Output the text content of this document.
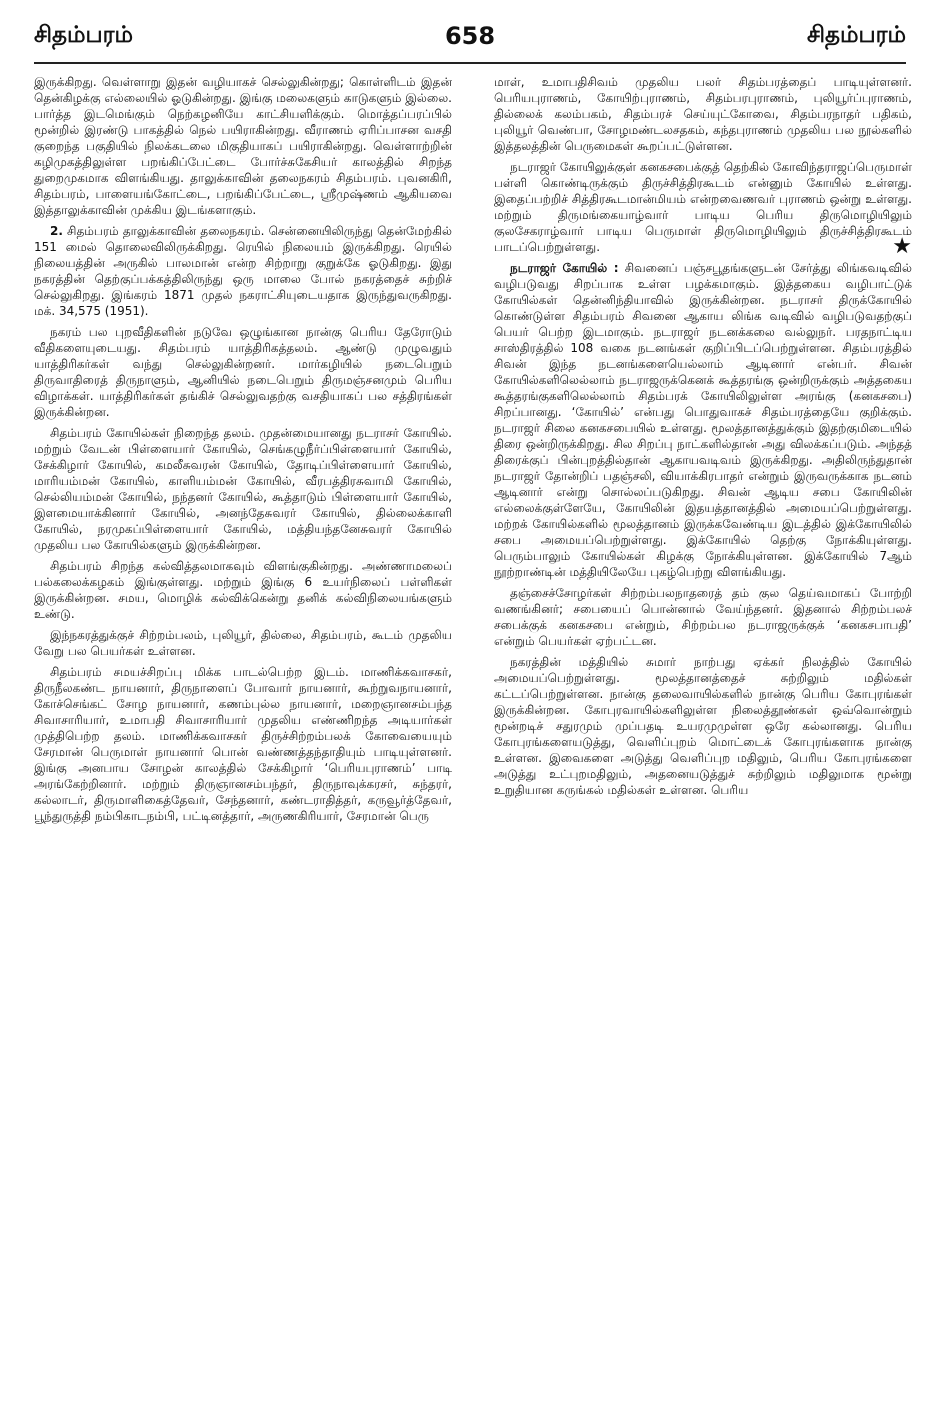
சிதம்பரம்	658	சிதம்பரம்

இருக்கிறது. வெள்ளாறு இதன் வழியாகச் செல்லுகின்றது; கொள்ளிடம் இதன் தென்கிழக்கு எல்லையில் ஓடுகின்றது. இங்கு மலைகளும் காடுகளும் இல்லை. பார்த்த இடமெங்கும் நெற்கழனியே காட்சியளிக்கும். மொத்தப்பரப்பில் மூன்றில் இரண்டு பாகத்தில் நெல் பயிராகின்றது. வீராணம் ஏரிப்பாசன வசதி குறைந்த பகுதியில் நிலக்கடலை மிகுதியாகப் பயிராகின்றது. வெள்ளாற்றின் கழிமுகத்திலுள்ள பறங்கிப்பேட்டை போர்ச்சுகேசியர் காலத்தில் சிறந்த துறைமுகமாக விளங்கியது. தாலுக்காவின் தலைநகரம் சிதம்பரம். புவனகிரி, சிதம்பரம், பாளையங்கோட்டை, பறங்கிப்பேட்டை, ஸ்ரீமுஷ்ணம் ஆகியவை இத்தாலுக்காவின் முக்கிய இடங்களாகும்.

2. சிதம்பரம் தாலுக்காவின் தலைநகரம். சென்னையிலிருந்து தென்மேற்கில் 151 மைல் தொலைவிலிருக்கிறது. ரெயில் நிலையம் இருக்கிறது. ரெயில் நிலையத்தின் அருகில் பாலமான் என்ற சிற்றாறு குறுக்கே ஓடுகிறது. இது நகரத்தின் தெற்குப்பக்கத்திலிருந்து ஒரு மாலை போல் நகரத்தைச் சுற்றிச் செல்லுகிறது. இங்கரம் 1871 முதல் நகராட்சியுடையதாக இருந்துவருகிறது. மக். 34,575 (1951).

நகரம் பல புறவீதிகளின் நடுவே ஒழுங்கான நான்கு பெரிய தேரோடும் வீதிகளையுடையது. சிதம்பரம் யாத்திரிகத்தலம். ஆண்டு முழுவதும் யாத்திரிகர்கள் வந்து செல்லுகின்றனர். மார்கழியில் நடைபெறும் திருவாதிரைத் திருநாளும், ஆனியில் நடைபெறும் திருமஞ்சனமும் பெரிய விழாக்கள். யாத்திரிகர்கள் தங்கிச் செல்லுவதற்கு வசதியாகப் பல சத்திரங்கள் இருக்கின்றன.

சிதம்பரம் கோயில்கள் நிறைந்த தலம். முதன்மையானது நடராசர் கோயில். மற்றும் வேடன் பிள்ளையார் கோயில், செங்கழுநீர்ப்பிள்ளையார் கோயில், சேக்கிழார் கோயில், கமலீசுவரன் கோயில், தோடிப்பிள்ளையார் கோயில், மாரியம்மன் கோயில், காளியம்மன் கோயில், வீரபத்திரசுவாமி கோயில், செல்லியம்மன் கோயில், நந்தனர் கோயில், கூத்தாடும் பிள்ளையார் கோயில், இளமையாக்கினார் கோயில், அனந்தேசுவரர் கோயில், தில்லைக்காளி கோயில், நரமுகப்பிள்ளையார் கோயில், மத்தியந்தனேசுவரர் கோயில் முதலிய பல கோயில்களும் இருக்கின்றன.

சிதம்பரம் சிறந்த கல்வித்தலமாகவும் விளங்குகின்றது. அண்ணாமலைப் பல்கலைக்கழகம் இங்குள்ளது. மற்றும் இங்கு 6 உயர்நிலைப் பள்ளிகள் இருக்கின்றன. சமய, மொழிக் கல்விக்கென்று தனிக் கல்விநிலையங்களும் உண்டு.

இந்நகரத்துக்குச் சிற்றம்பலம், புலியூர், தில்லை, சிதம்பரம், கூடம் முதலிய வேறு பல பெயர்கள் உள்ளன.

சிதம்பரம் சமயச்சிறப்பு மிக்க பாடல்பெற்ற இடம். மாணிக்கவாசகர், திருநீலகண்ட நாயனார், திருநாளைப் போவார் நாயனார், கூற்றுவநாயனார், கோச்செங்கட் சோழ நாயனார், கணம்புல்ல நாயனார், மறைஞானசம்பந்த சிவாசாரியார், உமாபதி சிவாசாரியார் முதலிய எண்ணிறந்த அடியார்கள் முத்திபெற்ற தலம். மாணிக்கவாசகர் திருச்சிற்றம்பலக் கோவையையும் சேரமான் பெருமாள் நாயனார் பொன் வண்ணத்தந்தாதியும் பாடியுள்ளனர். இங்கு அனபாய சோழன் காலத்தில் சேக்கிழார் ‘பெரியபுராணம்’ பாடி அரங்கேற்றினார். மற்றும் திருஞானசம்பந்தர், திருநாவுக்கரசர், சுந்தரர், கல்லாடர், திருமாளிகைத்தேவர், சேந்தனார், கண்டராதித்தர், கருவூர்த்தேவர், பூந்துருத்தி நம்பிகாடநம்பி, பட்டினத்தார், அருணகிரியார், சேரமான் பெரு

மாள், உமாபதிசிவம் முதலிய பலர் சிதம்பரத்தைப் பாடியுள்ளனர். பெரியபுராணம், கோயிற்புராணம், சிதம்பரபுராணம், புலியூர்ப்புராணம், தில்லைக் கலம்பகம், சிதம்பரச் செய்யுட்கோவை, சிதம்பரநாதர் பதிகம், புலியூர் வெண்பா, சோழமண்டலசதகம், கந்தபுராணம் முதலிய பல நூல்களில் இத்தலத்தின் பெருமைகள் கூறப்பட்டுள்ளன.

நடராஜர் கோயிலுக்குள் கனகசபைக்குத் தெற்கில் கோவிந்தராஜப்பெருமாள் பள்ளி கொண்டிருக்கும் திருச்சித்திரகூடம் என்னும் கோயில் உள்ளது. இதைப்பற்றிச் சித்திரகூடமான்மியம் என்றவைணவர் புராணம் ஒன்று உள்ளது. மற்றும் திருமங்கையாழ்வார் பாடிய பெரிய திருமொழியிலும் குலசேகராழ்வார் பாடிய பெருமாள் திருமொழியிலும் திருச்சித்திரகூடம் பாடப்பெற்றுள்ளது.	★

நடராஜர் கோயில் : சிவனைப் பஞ்சபூதங்களுடன் சேர்த்து லிங்கவடிவில் வழிபடுவது சிறப்பாக உள்ள பழக்கமாகும். இத்தகைய வழிபாட்டுக் கோயில்கள் தென்னிந்தியாவில் இருக்கின்றன. நடராசர் திருக்கோயில் கொண்டுள்ள சிதம்பரம் சிவனை ஆகாய லிங்க வடிவில் வழிபடுவதற்குப் பெயர் பெற்ற இடமாகும். நடராஜர் நடனக்கலை வல்லுநர். பரதநாட்டிய சாஸ்திரத்தில் 108 வகை நடனங்கள் குறிப்பிடப்பெற்றுள்ளன. சிதம்பரத்தில் சிவன் இந்த நடனங்களையெல்லாம் ஆடினார் என்பர். சிவன் கோயில்களிலெல்லாம் நடராஜருக்கெனக் கூத்தரங்கு ஒன்றிருக்கும் அத்தகைய கூத்தரங்குகளிலெல்லாம் சிதம்பரக் கோயிலிலுள்ள அரங்கு (கனகசபை) சிறப்பானது. ‘கோயில்’ என்பது பொதுவாகச் சிதம்பரத்தையே குறிக்கும். நடராஜர் சிலை கனகசபையில் உள்ளது. மூலத்தானத்துக்கும் இதற்குமிடையில் திரை ஒன்றிருக்கிறது. சில சிறப்பு நாட்களில்தான் அது விலக்கப்படும். அந்தத் திரைக்குப் பின்புறத்தில்தான் ஆகாயவடிவம் இருக்கிறது. அதிலிருந்துதான் நடராஜர் தோன்றிப் பதஞ்சலி, வியாக்கிரபாதர் என்றும் இருவருக்காக நடனம் ஆடினார் என்று சொல்லப்படுகிறது. சிவன் ஆடிய சபை கோயிலின் எல்லைக்குள்ளேயே, கோயிலின் இதயத்தானத்தில் அமையப்பெற்றுள்ளது. மற்றக் கோயில்களில் மூலத்தானம் இருக்கவேண்டிய இடத்தில் இக்கோயிலில் சபை அமையப்பெற்றுள்ளது. இக்கோயில் தெற்கு நோக்கியுள்ளது. பெரும்பாலும் கோயில்கள் கிழக்கு நோக்கியுள்ளன. இக்கோயில் 7ஆம் நூற்றாண்டின் மத்தியிலேயே புகழ்பெற்று விளங்கியது.

தஞ்சைச்சோழர்கள் சிற்றம்பலநாதரைத் தம் குல தெய்வமாகப் போற்றி வணங்கினர்; சபையைப் பொன்னால் வேய்ந்தனர். இதனால் சிற்றம்பலச் சபைக்குக் கனகசபை என்றும், சிற்றம்பல நடராஜருக்குக் ‘கனகசபாபதி’ என்றும் பெயர்கள் ஏற்பட்டன.

நகரத்தின் மத்தியில் சுமார் நாற்பது ஏக்கர் நிலத்தில் கோயில் அமையப்பெற்றுள்ளது. மூலத்தானத்தைச் சுற்றிலும் மதில்கள் கட்டப்பெற்றுள்ளன. நான்கு தலைவாயில்களில் நான்கு பெரிய கோபுரங்கள் இருக்கின்றன. கோபுரவாயில்களிலுள்ள நிலைத்தூண்கள் ஒவ்வொன்றும் மூன்றடிச் சதுரமும் முப்பதடி உயரமுமுள்ள ஒரே கல்லானது. பெரிய கோபுரங்களையடுத்து, வெளிப்புறம் மொட்டைக் கோபுரங்களாக நான்கு உள்ளன. இவைகளை அடுத்து வெளிப்புற மதிலும், பெரிய கோபுரங்களை அடுத்து உட்புறமதிலும், அதனையடுத்துச் சுற்றிலும் மதிலுமாக மூன்று உறுதியான கருங்கல் மதில்கள் உள்ளன. பெரிய
